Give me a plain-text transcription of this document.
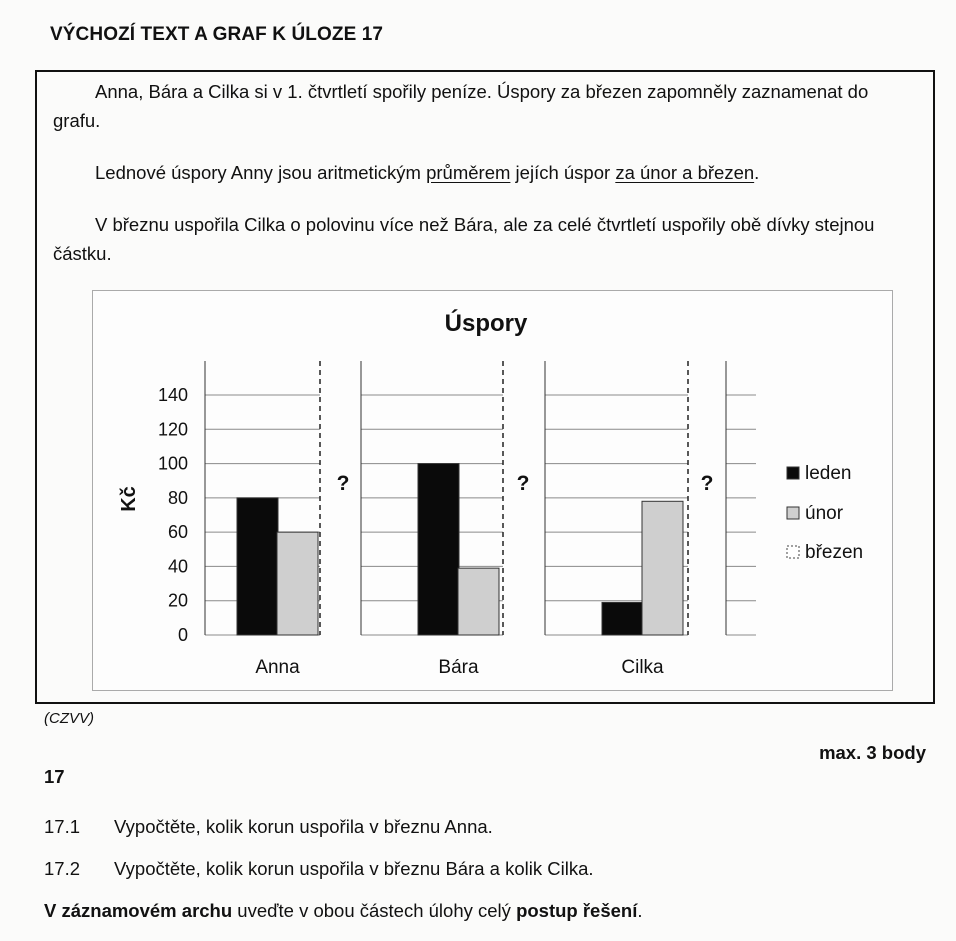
VÝCHOZÍ TEXT A GRAF K ÚLOZE 17

Anna, Bára a Cilka si v 1. čtvrtletí spořily peníze. Úspory za březen zapomněly zaznamenat do grafu.

Lednové úspory Anny jsou aritmetickým průměrem jejích úspor za únor a březen.

V březnu uspořila Cilka o polovinu více než Bára, ale za celé čtvrtletí uspořily obě dívky stejnou částku.

Úspory
0
20
40
60
80
100
120
140
Kč
?
Anna
?
Bára
?
Cilka
leden
únor
březen
(CZVV)
max. 3 body
17
17.1 Vypočtěte, kolik korun uspořila v březnu Anna.
17.2 Vypočtěte, kolik korun uspořila v březnu Bára a kolik Cilka.
V záznamovém archu uveďte v obou částech úlohy celý postup řešení.
